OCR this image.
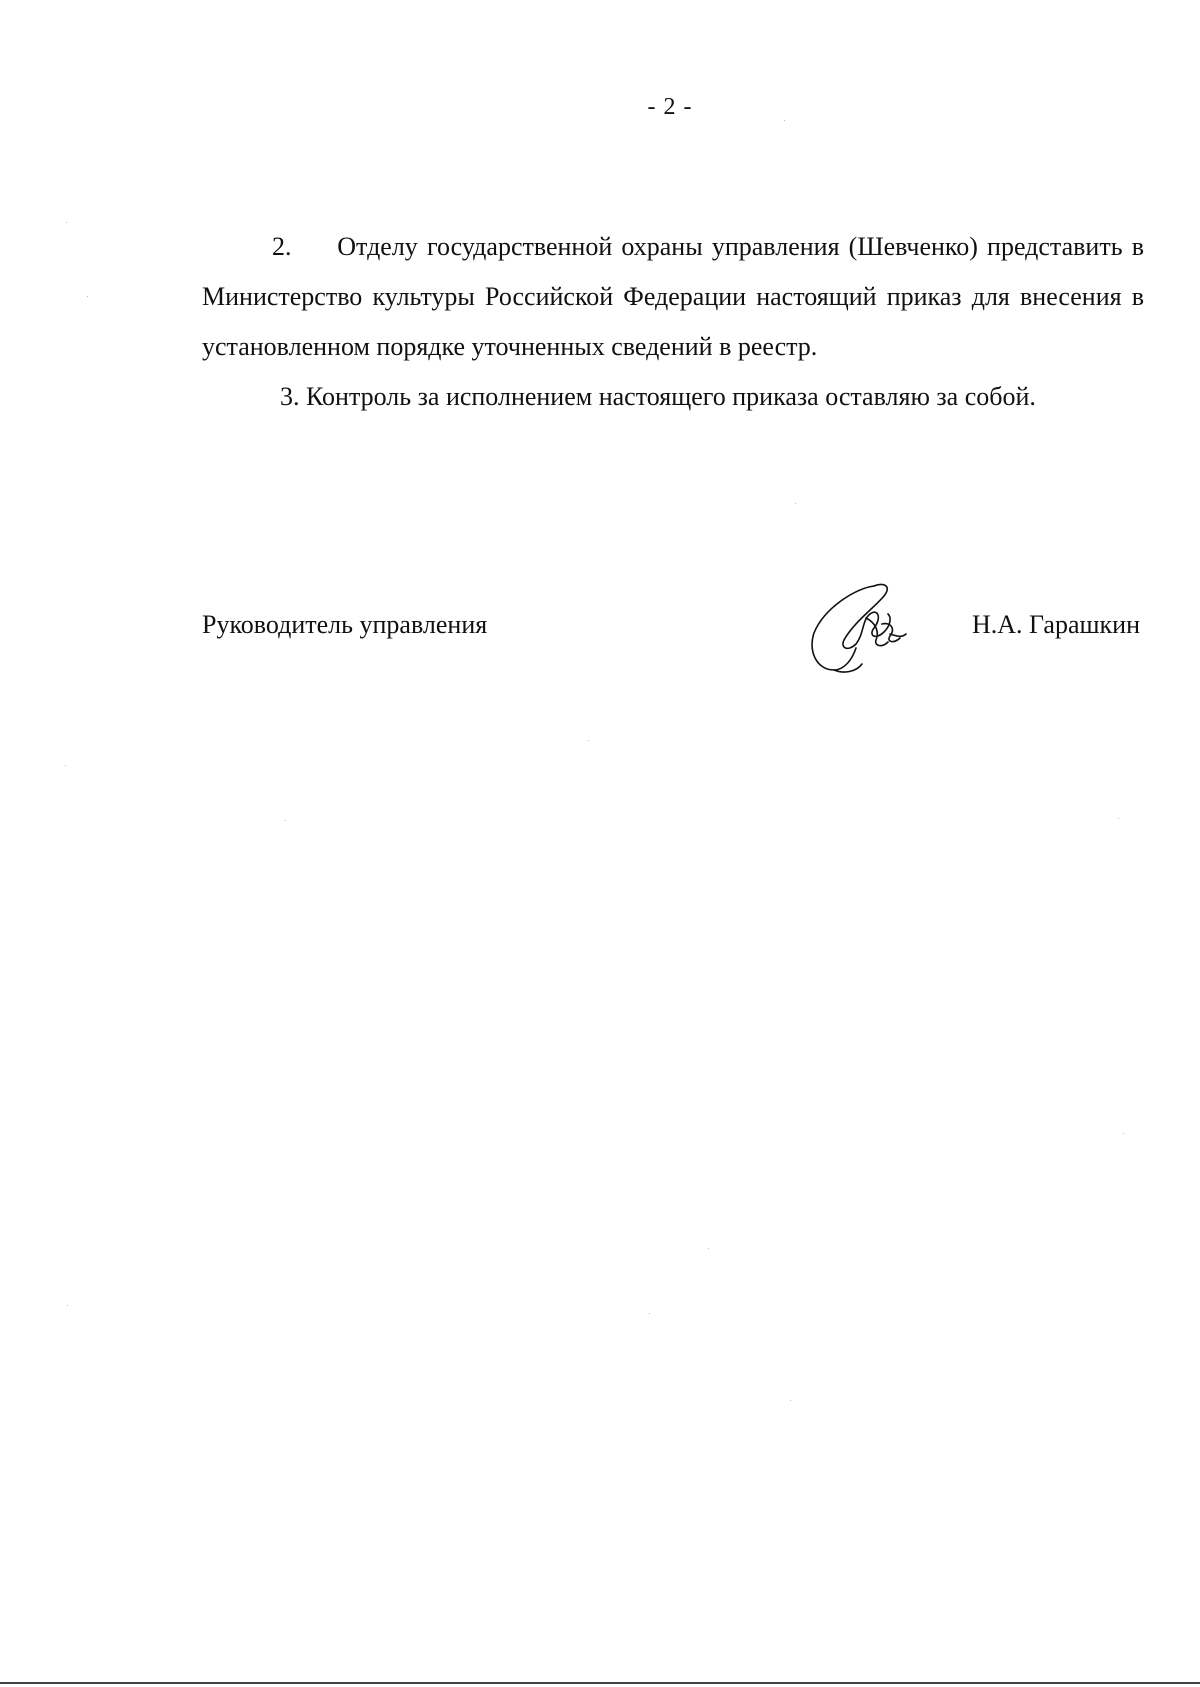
- 2 -

2.     Отделу государственной охраны управления (Шевченко) представить в Министерство культуры Российской Федерации настоящий приказ для внесения в установленном порядке уточненных сведений в реестр.

3. Контроль за исполнением настоящего приказа оставляю за собой.

Руководитель управления	Н.А. Гарашкин
